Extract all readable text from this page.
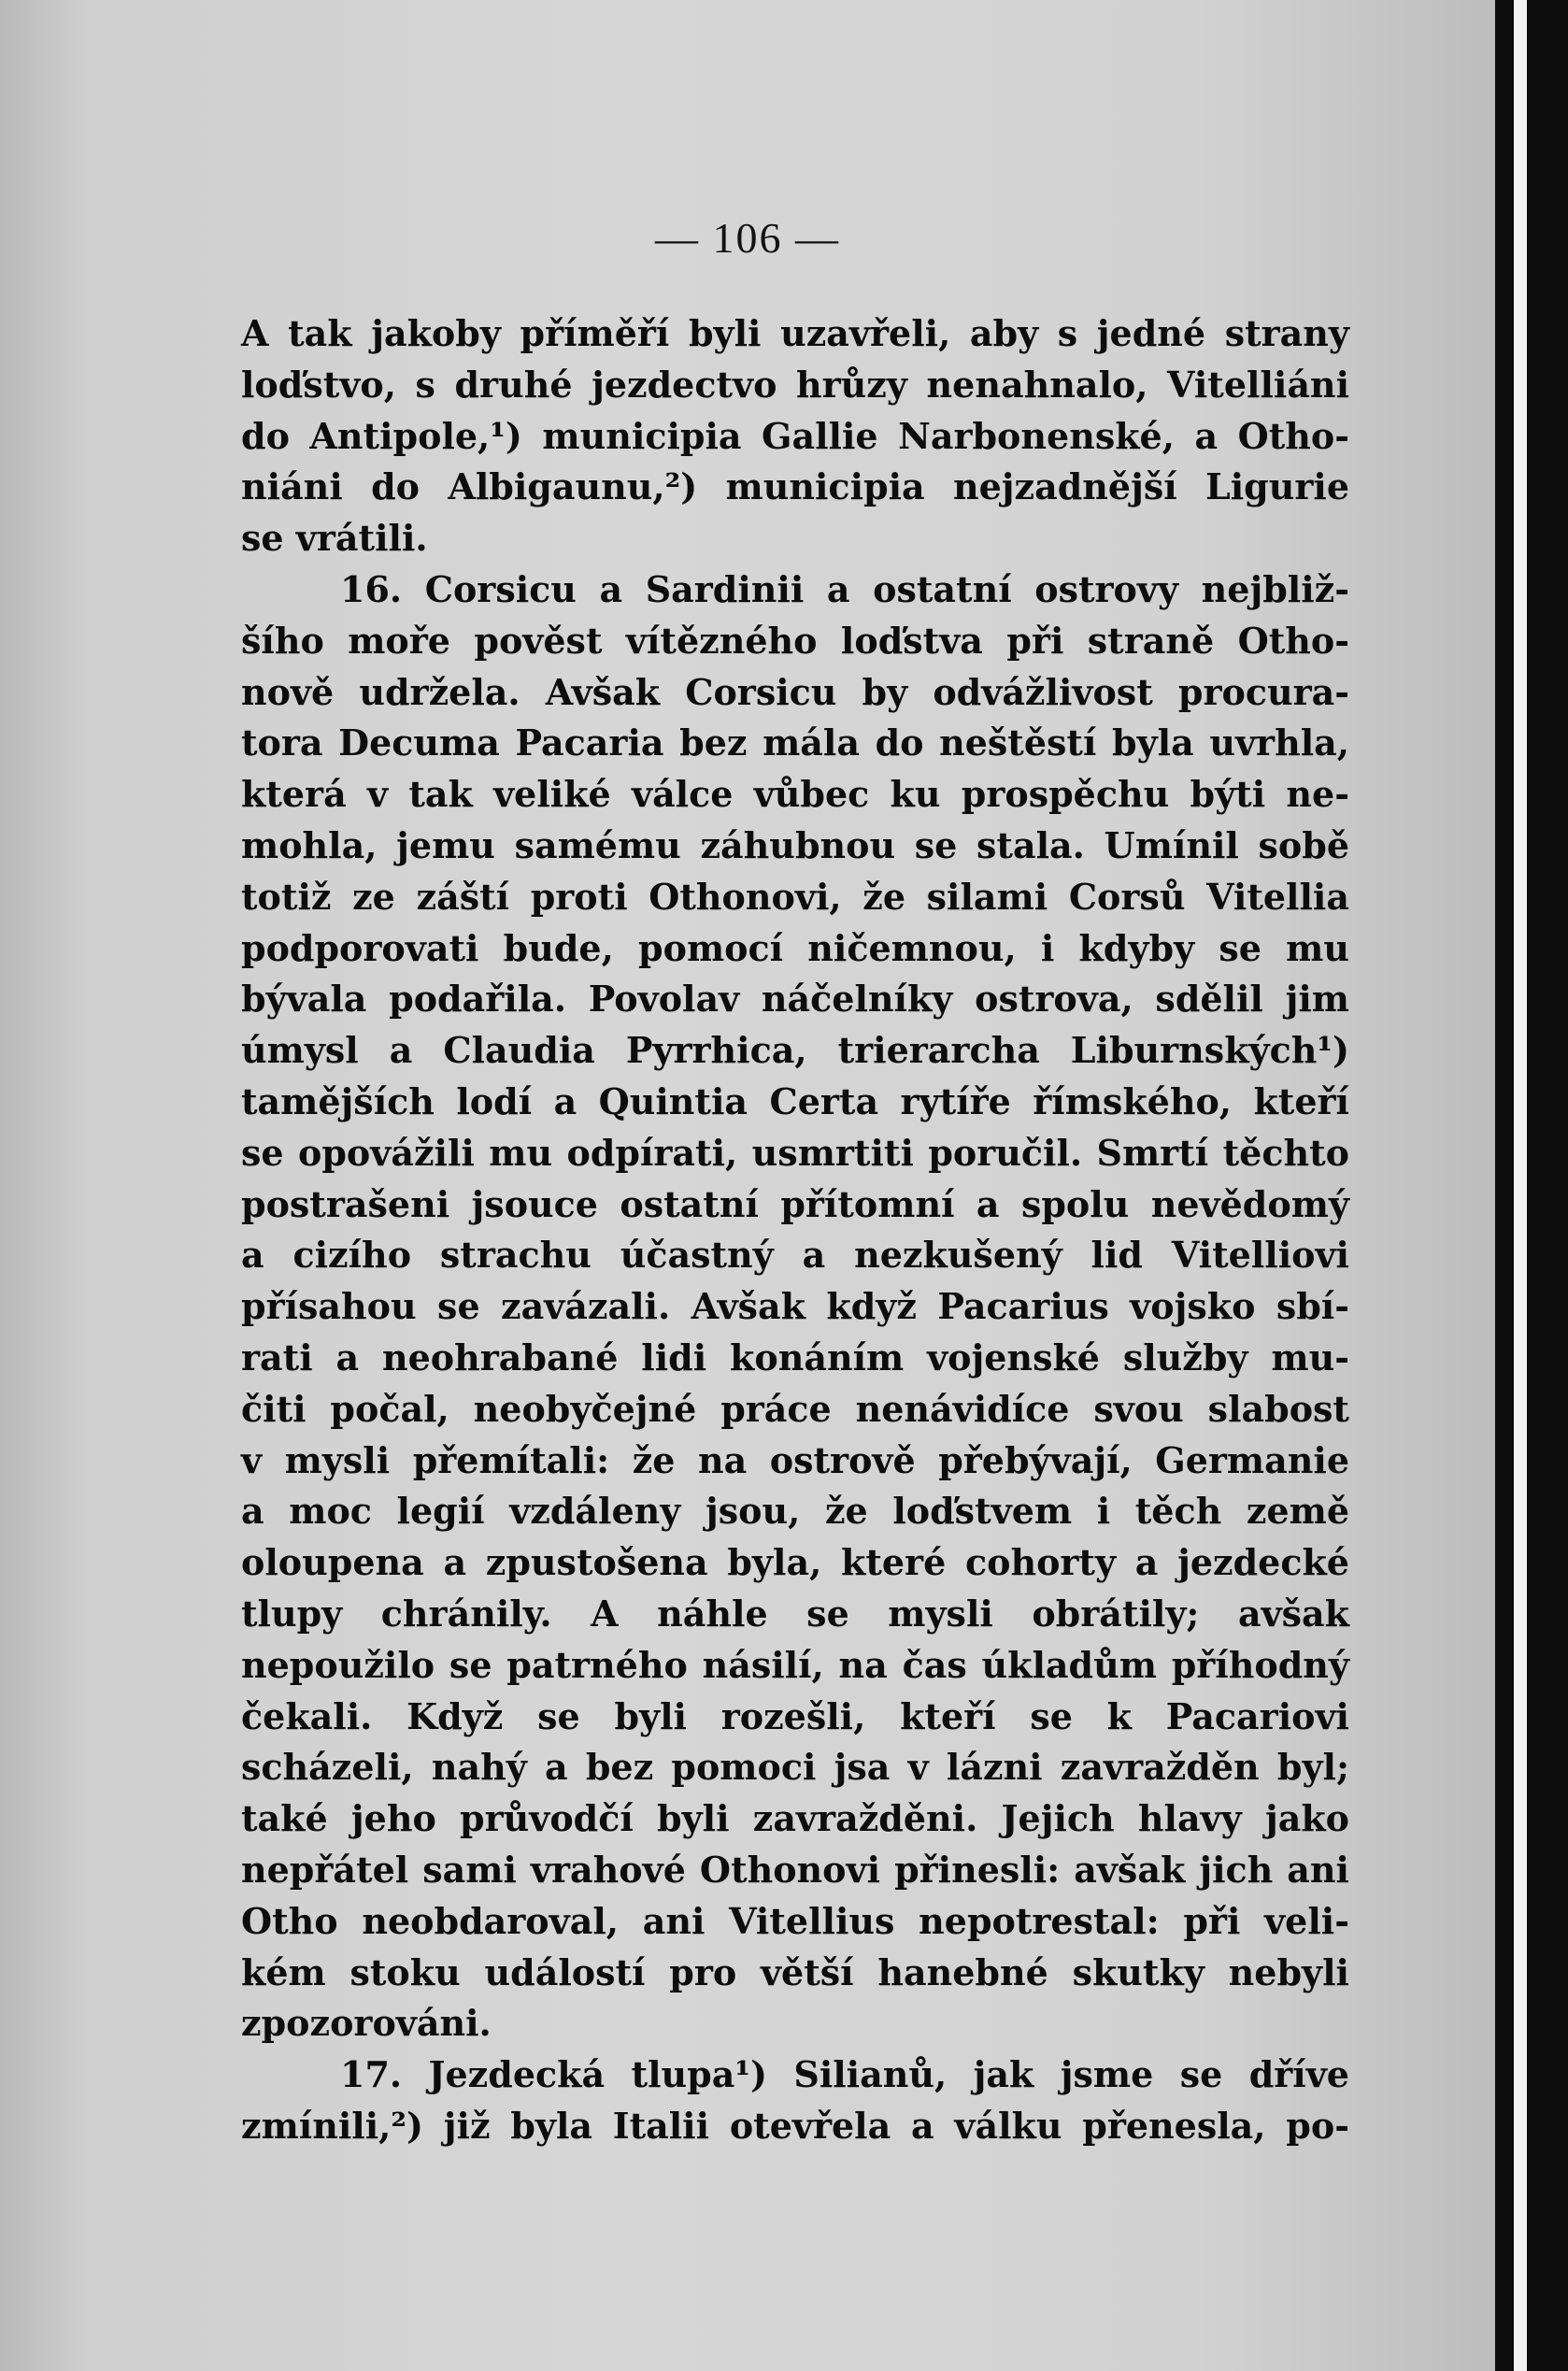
— 106 —
A tak jakoby příměří byli uzavřeli, aby s jedné strany
loďstvo, s druhé jezdectvo hrůzy nenahnalo, Vitelliáni
do Antipole,¹) municipia Gallie Narbonenské, a Otho-
niáni do Albigaunu,²) municipia nejzadnější Ligurie
se vrátili.
16. Corsicu a Sardinii a ostatní ostrovy nejbliž-
šího moře pověst vítězného loďstva při straně Otho-
nově udržela. Avšak Corsicu by odvážlivost procura-
tora Decuma Pacaria bez mála do neštěstí byla uvrhla,
která v tak veliké válce vůbec ku prospěchu býti ne-
mohla, jemu samému záhubnou se stala. Umínil sobě
totiž ze záští proti Othonovi, že silami Corsů Vitellia
podporovati bude, pomocí ničemnou, i kdyby se mu
bývala podařila. Povolav náčelníky ostrova, sdělil jim
úmysl a Claudia Pyrrhica, trierarcha Liburnských¹)
tamějších lodí a Quintia Certa rytíře římského, kteří
se opovážili mu odpírati, usmrtiti poručil. Smrtí těchto
postrašeni jsouce ostatní přítomní a spolu nevědomý
a cizího strachu účastný a nezkušený lid Vitelliovi
přísahou se zavázali. Avšak když Pacarius vojsko sbí-
rati a neohrabané lidi konáním vojenské služby mu-
čiti počal, neobyčejné práce nenávidíce svou slabost
v mysli přemítali: že na ostrově přebývají, Germanie
a moc legií vzdáleny jsou, že loďstvem i těch země
oloupena a zpustošena byla, které cohorty a jezdecké
tlupy chránily. A náhle se mysli obrátily; avšak
nepoužilo se patrného násilí, na čas úkladům příhodný
čekali. Když se byli rozešli, kteří se k Pacariovi
scházeli, nahý a bez pomoci jsa v lázni zavražděn byl;
také jeho průvodčí byli zavražděni. Jejich hlavy jako
nepřátel sami vrahové Othonovi přinesli: avšak jich ani
Otho neobdaroval, ani Vitellius nepotrestal: při veli-
kém stoku událostí pro větší hanebné skutky nebyli
zpozorováni.
17. Jezdecká tlupa¹) Silianů, jak jsme se dříve
zmínili,²) již byla Italii otevřela a válku přenesla, po-
